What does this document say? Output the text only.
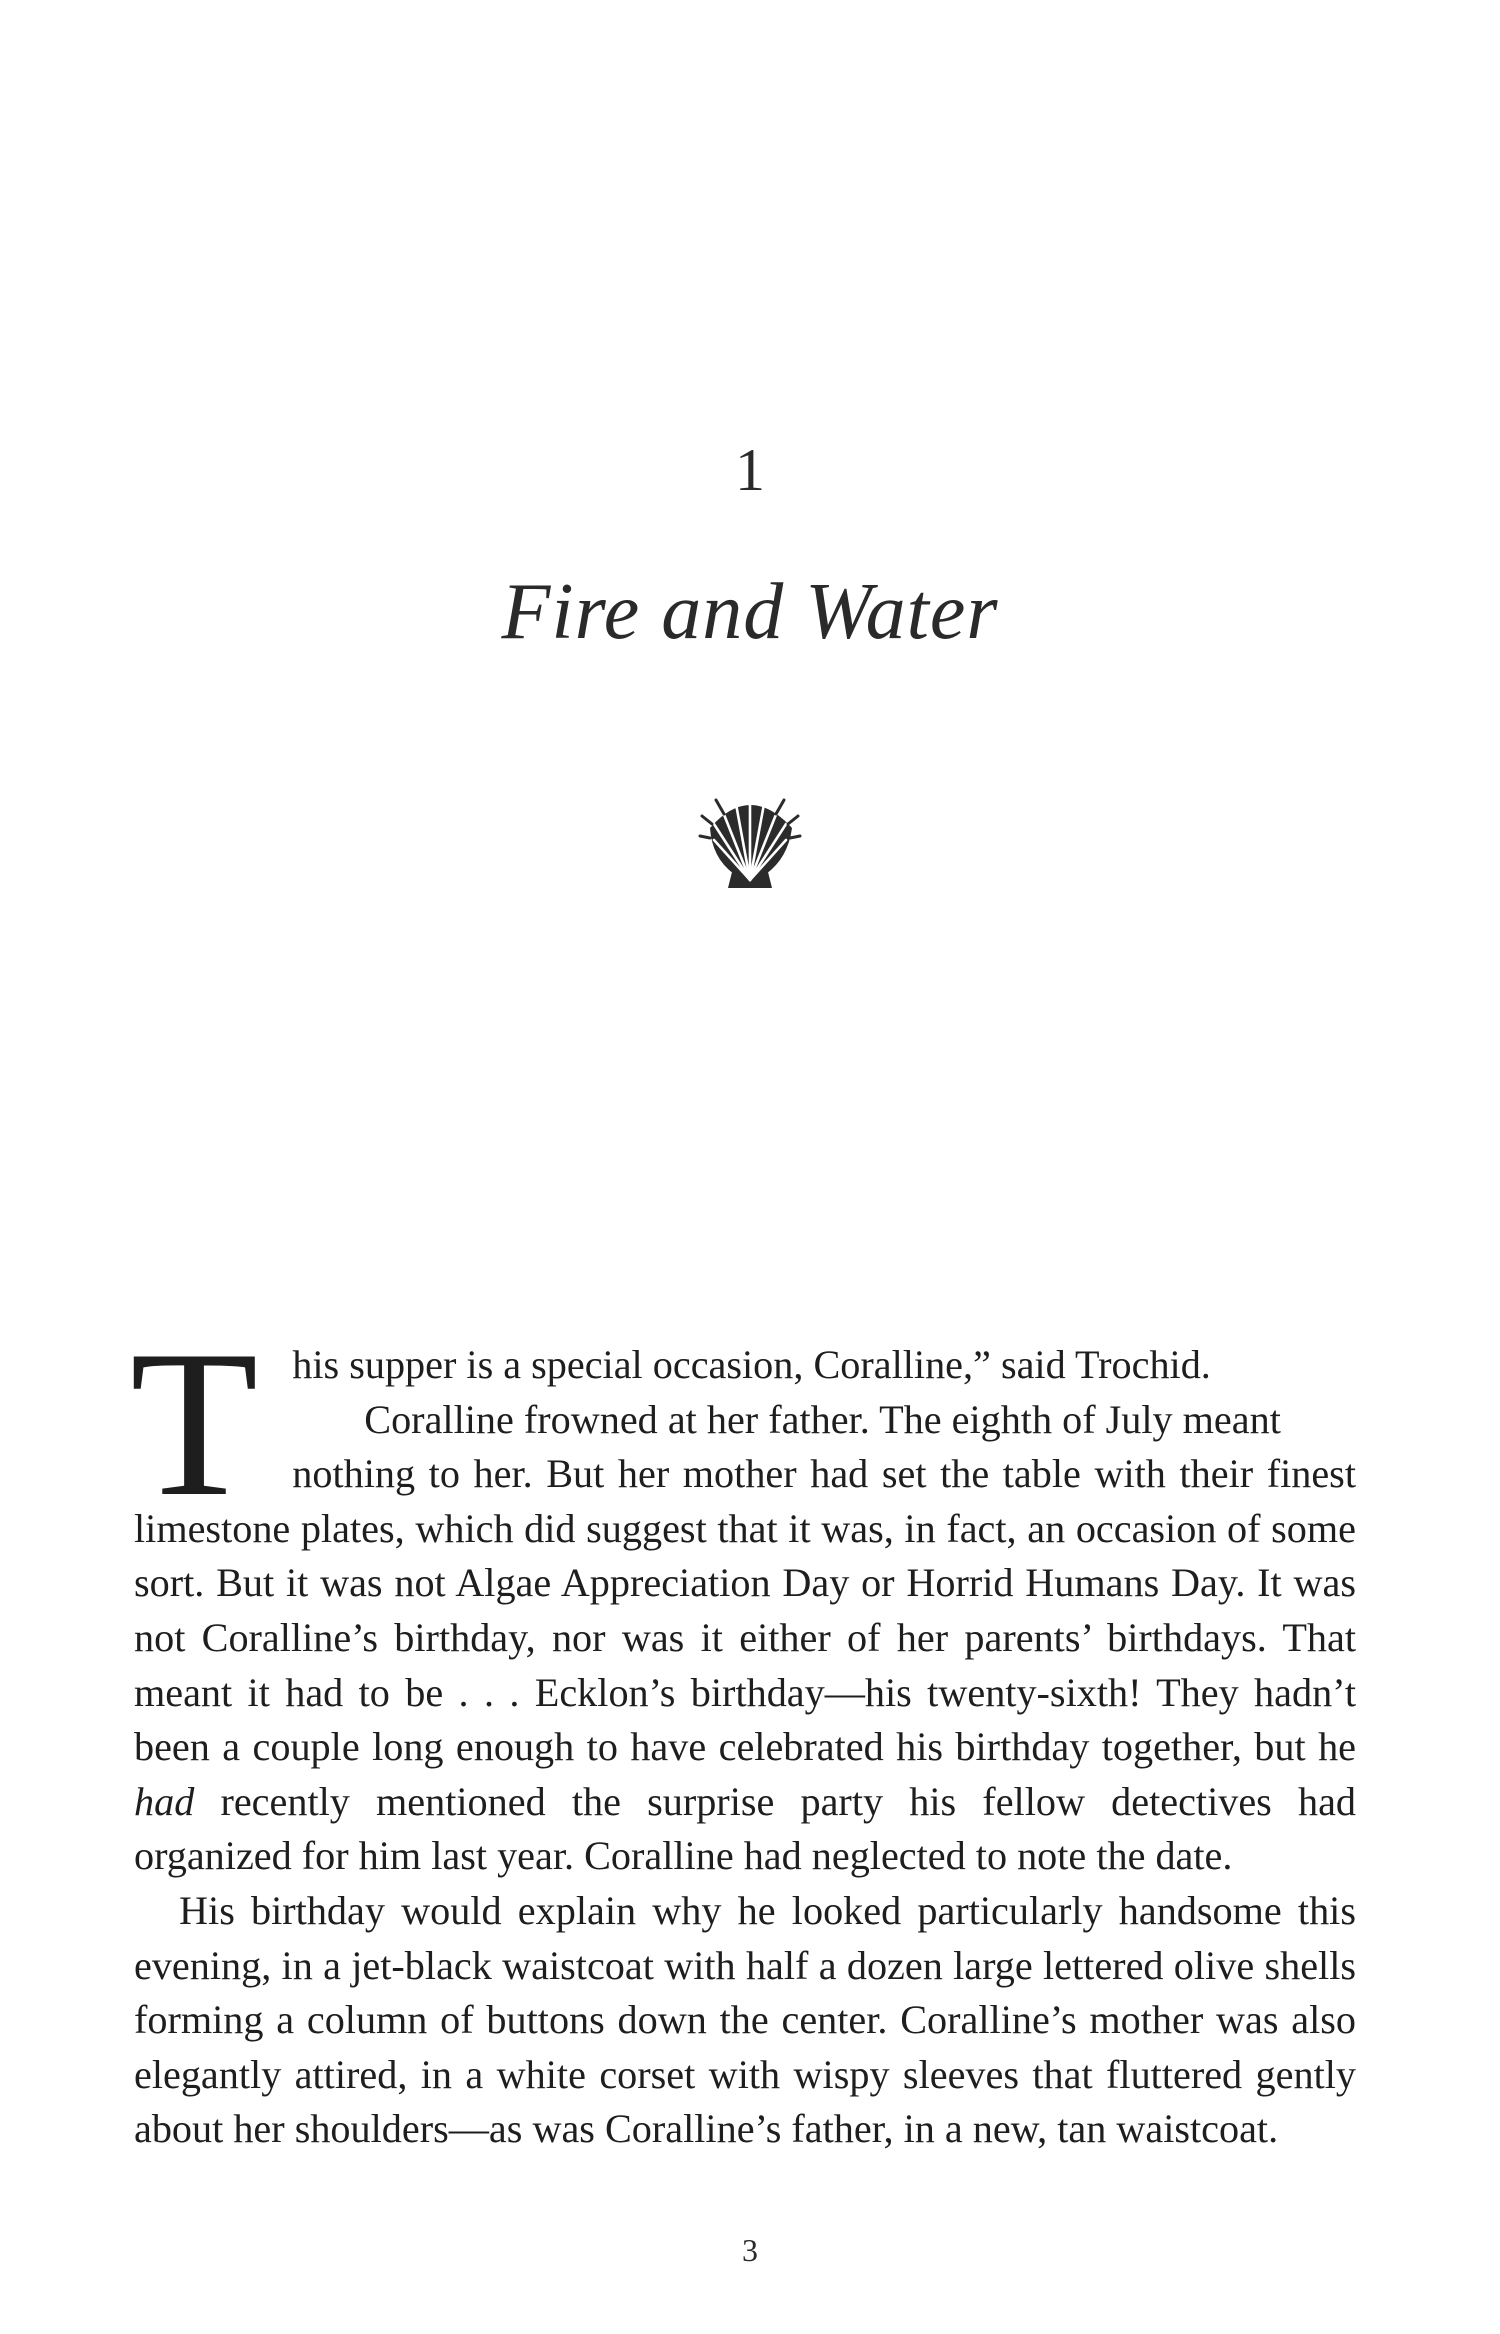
1
Fire and Water

T his supper is a special occasion, Coralline,” said Trochid.
Coralline frowned at her father. The eighth of July meant
nothing to her. But her mother had set the table with their finest limestone plates, which did suggest that it was, in fact, an occasion of some sort. But it was not Algae Appreciation Day or Horrid Humans Day. It was not Coralline’s birthday, nor was it either of her parents’ birthdays. That meant it had to be . . . Ecklon’s birthday—his twenty-sixth! They hadn’t been a couple long enough to have celebrated his birthday together, but he had recently mentioned the surprise party his fellow detectives had organized for him last year. Coralline had neglected to note the date.

His birthday would explain why he looked particularly handsome this evening, in a jet-black waistcoat with half a dozen large lettered olive shells forming a column of buttons down the center. Coralline’s mother was also elegantly attired, in a white corset with wispy sleeves that fluttered gently about her shoulders—as was Coralline’s father, in a new, tan waistcoat.

3
